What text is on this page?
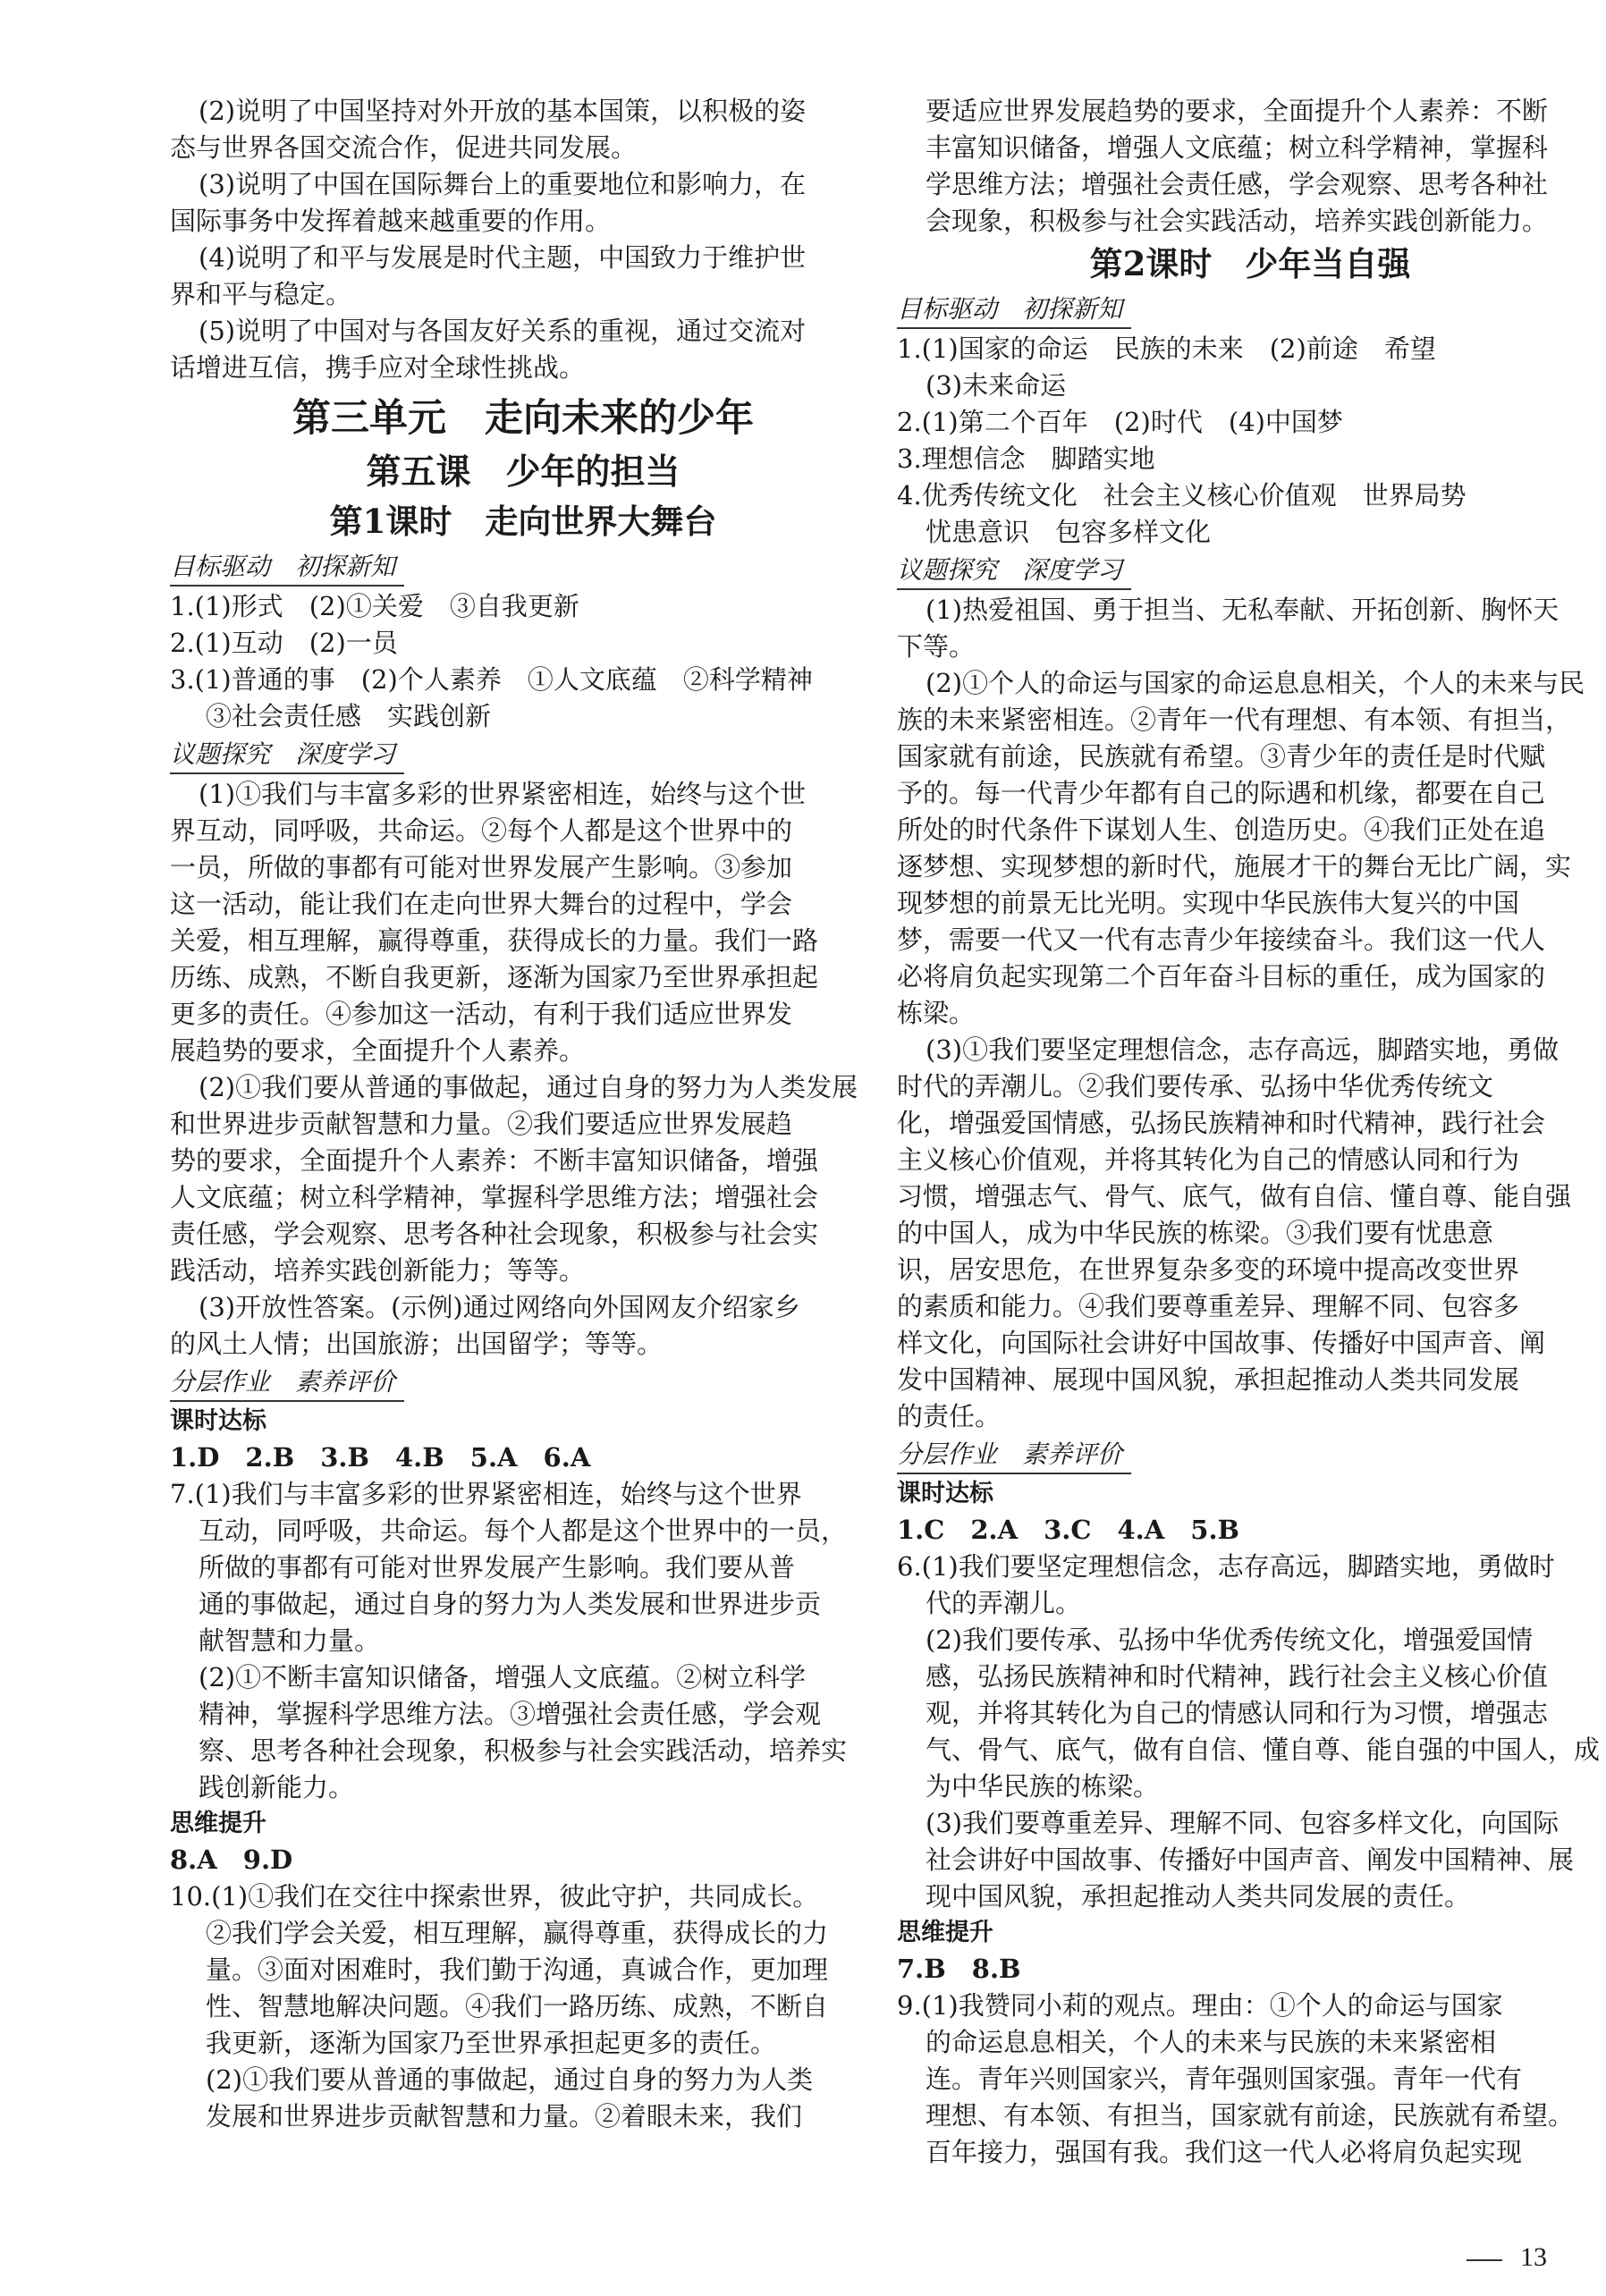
(2)说明了中国坚持对外开放的基本国策，以积极的姿
态与世界各国交流合作，促进共同发展。
(3)说明了中国在国际舞台上的重要地位和影响力，在
国际事务中发挥着越来越重要的作用。
(4)说明了和平与发展是时代主题，中国致力于维护世
界和平与稳定。
(5)说明了中国对与各国友好关系的重视，通过交流对
话增进互信，携手应对全球性挑战。
第三单元　走向未来的少年
第五课　少年的担当
第1课时　走向世界大舞台
目标驱动　初探新知
1.(1)形式　(2)①关爱　③自我更新
2.(1)互动　(2)一员
3.(1)普通的事　(2)个人素养　①人文底蕴　②科学精神
③社会责任感　实践创新
议题探究　深度学习
(1)①我们与丰富多彩的世界紧密相连，始终与这个世
界互动，同呼吸，共命运。②每个人都是这个世界中的
一员，所做的事都有可能对世界发展产生影响。③参加
这一活动，能让我们在走向世界大舞台的过程中，学会
关爱，相互理解，赢得尊重，获得成长的力量。我们一路
历练、成熟，不断自我更新，逐渐为国家乃至世界承担起
更多的责任。④参加这一活动，有利于我们适应世界发
展趋势的要求，全面提升个人素养。
(2)①我们要从普通的事做起，通过自身的努力为人类发展
和世界进步贡献智慧和力量。②我们要适应世界发展趋
势的要求，全面提升个人素养：不断丰富知识储备，增强
人文底蕴；树立科学精神，掌握科学思维方法；增强社会
责任感，学会观察、思考各种社会现象，积极参与社会实
践活动，培养实践创新能力；等等。
(3)开放性答案。(示例)通过网络向外国网友介绍家乡
的风土人情；出国旅游；出国留学；等等。
分层作业　素养评价
课时达标
1.D　2.B　3.B　4.B　5.A　6.A
7.(1)我们与丰富多彩的世界紧密相连，始终与这个世界
互动，同呼吸，共命运。每个人都是这个世界中的一员，
所做的事都有可能对世界发展产生影响。我们要从普
通的事做起，通过自身的努力为人类发展和世界进步贡
献智慧和力量。
(2)①不断丰富知识储备，增强人文底蕴。②树立科学
精神，掌握科学思维方法。③增强社会责任感，学会观
察、思考各种社会现象，积极参与社会实践活动，培养实
践创新能力。
思维提升
8.A　9.D
10.(1)①我们在交往中探索世界，彼此守护，共同成长。
②我们学会关爱，相互理解，赢得尊重，获得成长的力
量。③面对困难时，我们勤于沟通，真诚合作，更加理
性、智慧地解决问题。④我们一路历练、成熟，不断自
我更新，逐渐为国家乃至世界承担起更多的责任。
(2)①我们要从普通的事做起，通过自身的努力为人类
发展和世界进步贡献智慧和力量。②着眼未来，我们
要适应世界发展趋势的要求，全面提升个人素养：不断
丰富知识储备，增强人文底蕴；树立科学精神，掌握科
学思维方法；增强社会责任感，学会观察、思考各种社
会现象，积极参与社会实践活动，培养实践创新能力。
第2课时　少年当自强
目标驱动　初探新知
1.(1)国家的命运　民族的未来　(2)前途　希望
(3)未来命运
2.(1)第二个百年　(2)时代　(4)中国梦
3.理想信念　脚踏实地
4.优秀传统文化　社会主义核心价值观　世界局势
忧患意识　包容多样文化
议题探究　深度学习
(1)热爱祖国、勇于担当、无私奉献、开拓创新、胸怀天
下等。
(2)①个人的命运与国家的命运息息相关，个人的未来与民
族的未来紧密相连。②青年一代有理想、有本领、有担当，
国家就有前途，民族就有希望。③青少年的责任是时代赋
予的。每一代青少年都有自己的际遇和机缘，都要在自己
所处的时代条件下谋划人生、创造历史。④我们正处在追
逐梦想、实现梦想的新时代，施展才干的舞台无比广阔，实
现梦想的前景无比光明。实现中华民族伟大复兴的中国
梦，需要一代又一代有志青少年接续奋斗。我们这一代人
必将肩负起实现第二个百年奋斗目标的重任，成为国家的
栋梁。
(3)①我们要坚定理想信念，志存高远，脚踏实地，勇做
时代的弄潮儿。②我们要传承、弘扬中华优秀传统文
化，增强爱国情感，弘扬民族精神和时代精神，践行社会
主义核心价值观，并将其转化为自己的情感认同和行为
习惯，增强志气、骨气、底气，做有自信、懂自尊、能自强
的中国人，成为中华民族的栋梁。③我们要有忧患意
识，居安思危，在世界复杂多变的环境中提高改变世界
的素质和能力。④我们要尊重差异、理解不同、包容多
样文化，向国际社会讲好中国故事、传播好中国声音、阐
发中国精神、展现中国风貌，承担起推动人类共同发展
的责任。
分层作业　素养评价
课时达标
1.C　2.A　3.C　4.A　5.B
6.(1)我们要坚定理想信念，志存高远，脚踏实地，勇做时
代的弄潮儿。
(2)我们要传承、弘扬中华优秀传统文化，增强爱国情
感，弘扬民族精神和时代精神，践行社会主义核心价值
观，并将其转化为自己的情感认同和行为习惯，增强志
气、骨气、底气，做有自信、懂自尊、能自强的中国人，成
为中华民族的栋梁。
(3)我们要尊重差异、理解不同、包容多样文化，向国际
社会讲好中国故事、传播好中国声音、阐发中国精神、展
现中国风貌，承担起推动人类共同发展的责任。
思维提升
7.B　8.B
9.(1)我赞同小莉的观点。理由：①个人的命运与国家
的命运息息相关，个人的未来与民族的未来紧密相
连。青年兴则国家兴，青年强则国家强。青年一代有
理想、有本领、有担当，国家就有前途，民族就有希望。
百年接力，强国有我。我们这一代人必将肩负起实现
13
